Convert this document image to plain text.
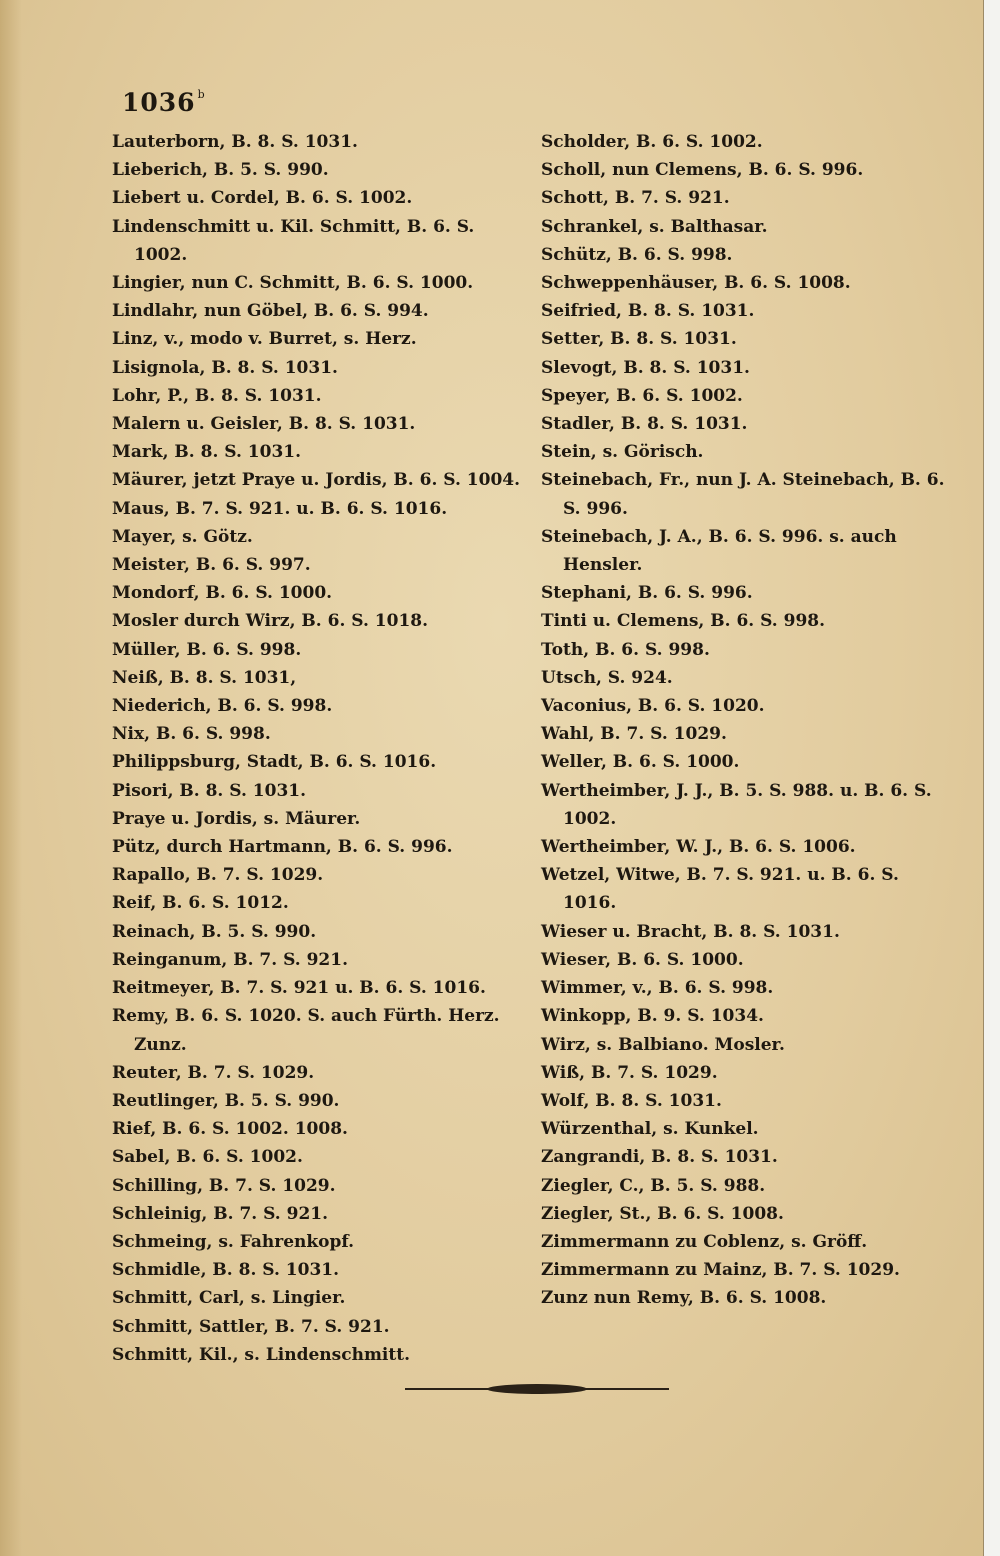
1036 $^b$

Lauterborn, B. 8. S. 1031.

Lieberich, B. 5. S. 990.

Liebert u. Cordel, B. 6. S. 1002.

Lindenschmitt u. Kil. Schmitt, B. 6. S. 1002.

Lingier, nun C. Schmitt, B. 6. S. 1000.

Lindlahr, nun Göbel, B. 6. S. 994.

Linz, v., modo v. Burret, s. Herz.

Lisignola, B. 8. S. 1031.

Lohr, P., B. 8. S. 1031.

Malern u. Geisler, B. 8. S. 1031.

Mark, B. 8. S. 1031.

Mäurer, jetzt Praye u. Jordis, B. 6. S. 1004.

Maus, B. 7. S. 921. u. B. 6. S. 1016.

Mayer, s. Götz.

Meister, B. 6. S. 997.

Mondorf, B. 6. S. 1000.

Mosler durch Wirz, B. 6. S. 1018.

Müller, B. 6. S. 998.

Neiß, B. 8. S. 1031,

Niederich, B. 6. S. 998.

Nix, B. 6. S. 998.

Philippsburg, Stadt, B. 6. S. 1016.

Pisori, B. 8. S. 1031.

Praye u. Jordis, s. Mäurer.

Pütz, durch Hartmann, B. 6. S. 996.

Rapallo, B. 7. S. 1029.

Reif, B. 6. S. 1012.

Reinach, B. 5. S. 990.

Reinganum, B. 7. S. 921.

Reitmeyer, B. 7. S. 921 u. B. 6. S. 1016.

Remy, B. 6. S. 1020. S. auch Fürth. Herz. Zunz.

Reuter, B. 7. S. 1029.

Reutlinger, B. 5. S. 990.

Rief, B. 6. S. 1002. 1008.

Sabel, B. 6. S. 1002.

Schilling, B. 7. S. 1029.

Schleinig, B. 7. S. 921.

Schmeing, s. Fahrenkopf.

Schmidle, B. 8. S. 1031.

Schmitt, Carl, s. Lingier.

Schmitt, Sattler, B. 7. S. 921.

Schmitt, Kil., s. Lindenschmitt.

Scholder, B. 6. S. 1002.

Scholl, nun Clemens, B. 6. S. 996.

Schott, B. 7. S. 921.

Schrankel, s. Balthasar.

Schütz, B. 6. S. 998.

Schweppenhäuser, B. 6. S. 1008.

Seifried, B. 8. S. 1031.

Setter, B. 8. S. 1031.

Slevogt, B. 8. S. 1031.

Speyer, B. 6. S. 1002.

Stadler, B. 8. S. 1031.

Stein, s. Görisch.

Steinebach, Fr., nun J. A. Steinebach, B. 6. S. 996.

Steinebach, J. A., B. 6. S. 996. s. auch Hensler.

Stephani, B. 6. S. 996.

Tinti u. Clemens, B. 6. S. 998.

Toth, B. 6. S. 998.

Utsch, S. 924.

Vaconius, B. 6. S. 1020.

Wahl, B. 7. S. 1029.

Weller, B. 6. S. 1000.

Wertheimber, J. J., B. 5. S. 988. u. B. 6. S. 1002.

Wertheimber, W. J., B. 6. S. 1006.

Wetzel, Witwe, B. 7. S. 921. u. B. 6. S. 1016.

Wieser u. Bracht, B. 8. S. 1031.

Wieser, B. 6. S. 1000.

Wimmer, v., B. 6. S. 998.

Winkopp, B. 9. S. 1034.

Wirz, s. Balbiano. Mosler.

Wiß, B. 7. S. 1029.

Wolf, B. 8. S. 1031.

Würzenthal, s. Kunkel.

Zangrandi, B. 8. S. 1031.

Ziegler, C., B. 5. S. 988.

Ziegler, St., B. 6. S. 1008.

Zimmermann zu Coblenz, s. Gröff.

Zimmermann zu Mainz, B. 7. S. 1029.

Zunz nun Remy, B. 6. S. 1008.
